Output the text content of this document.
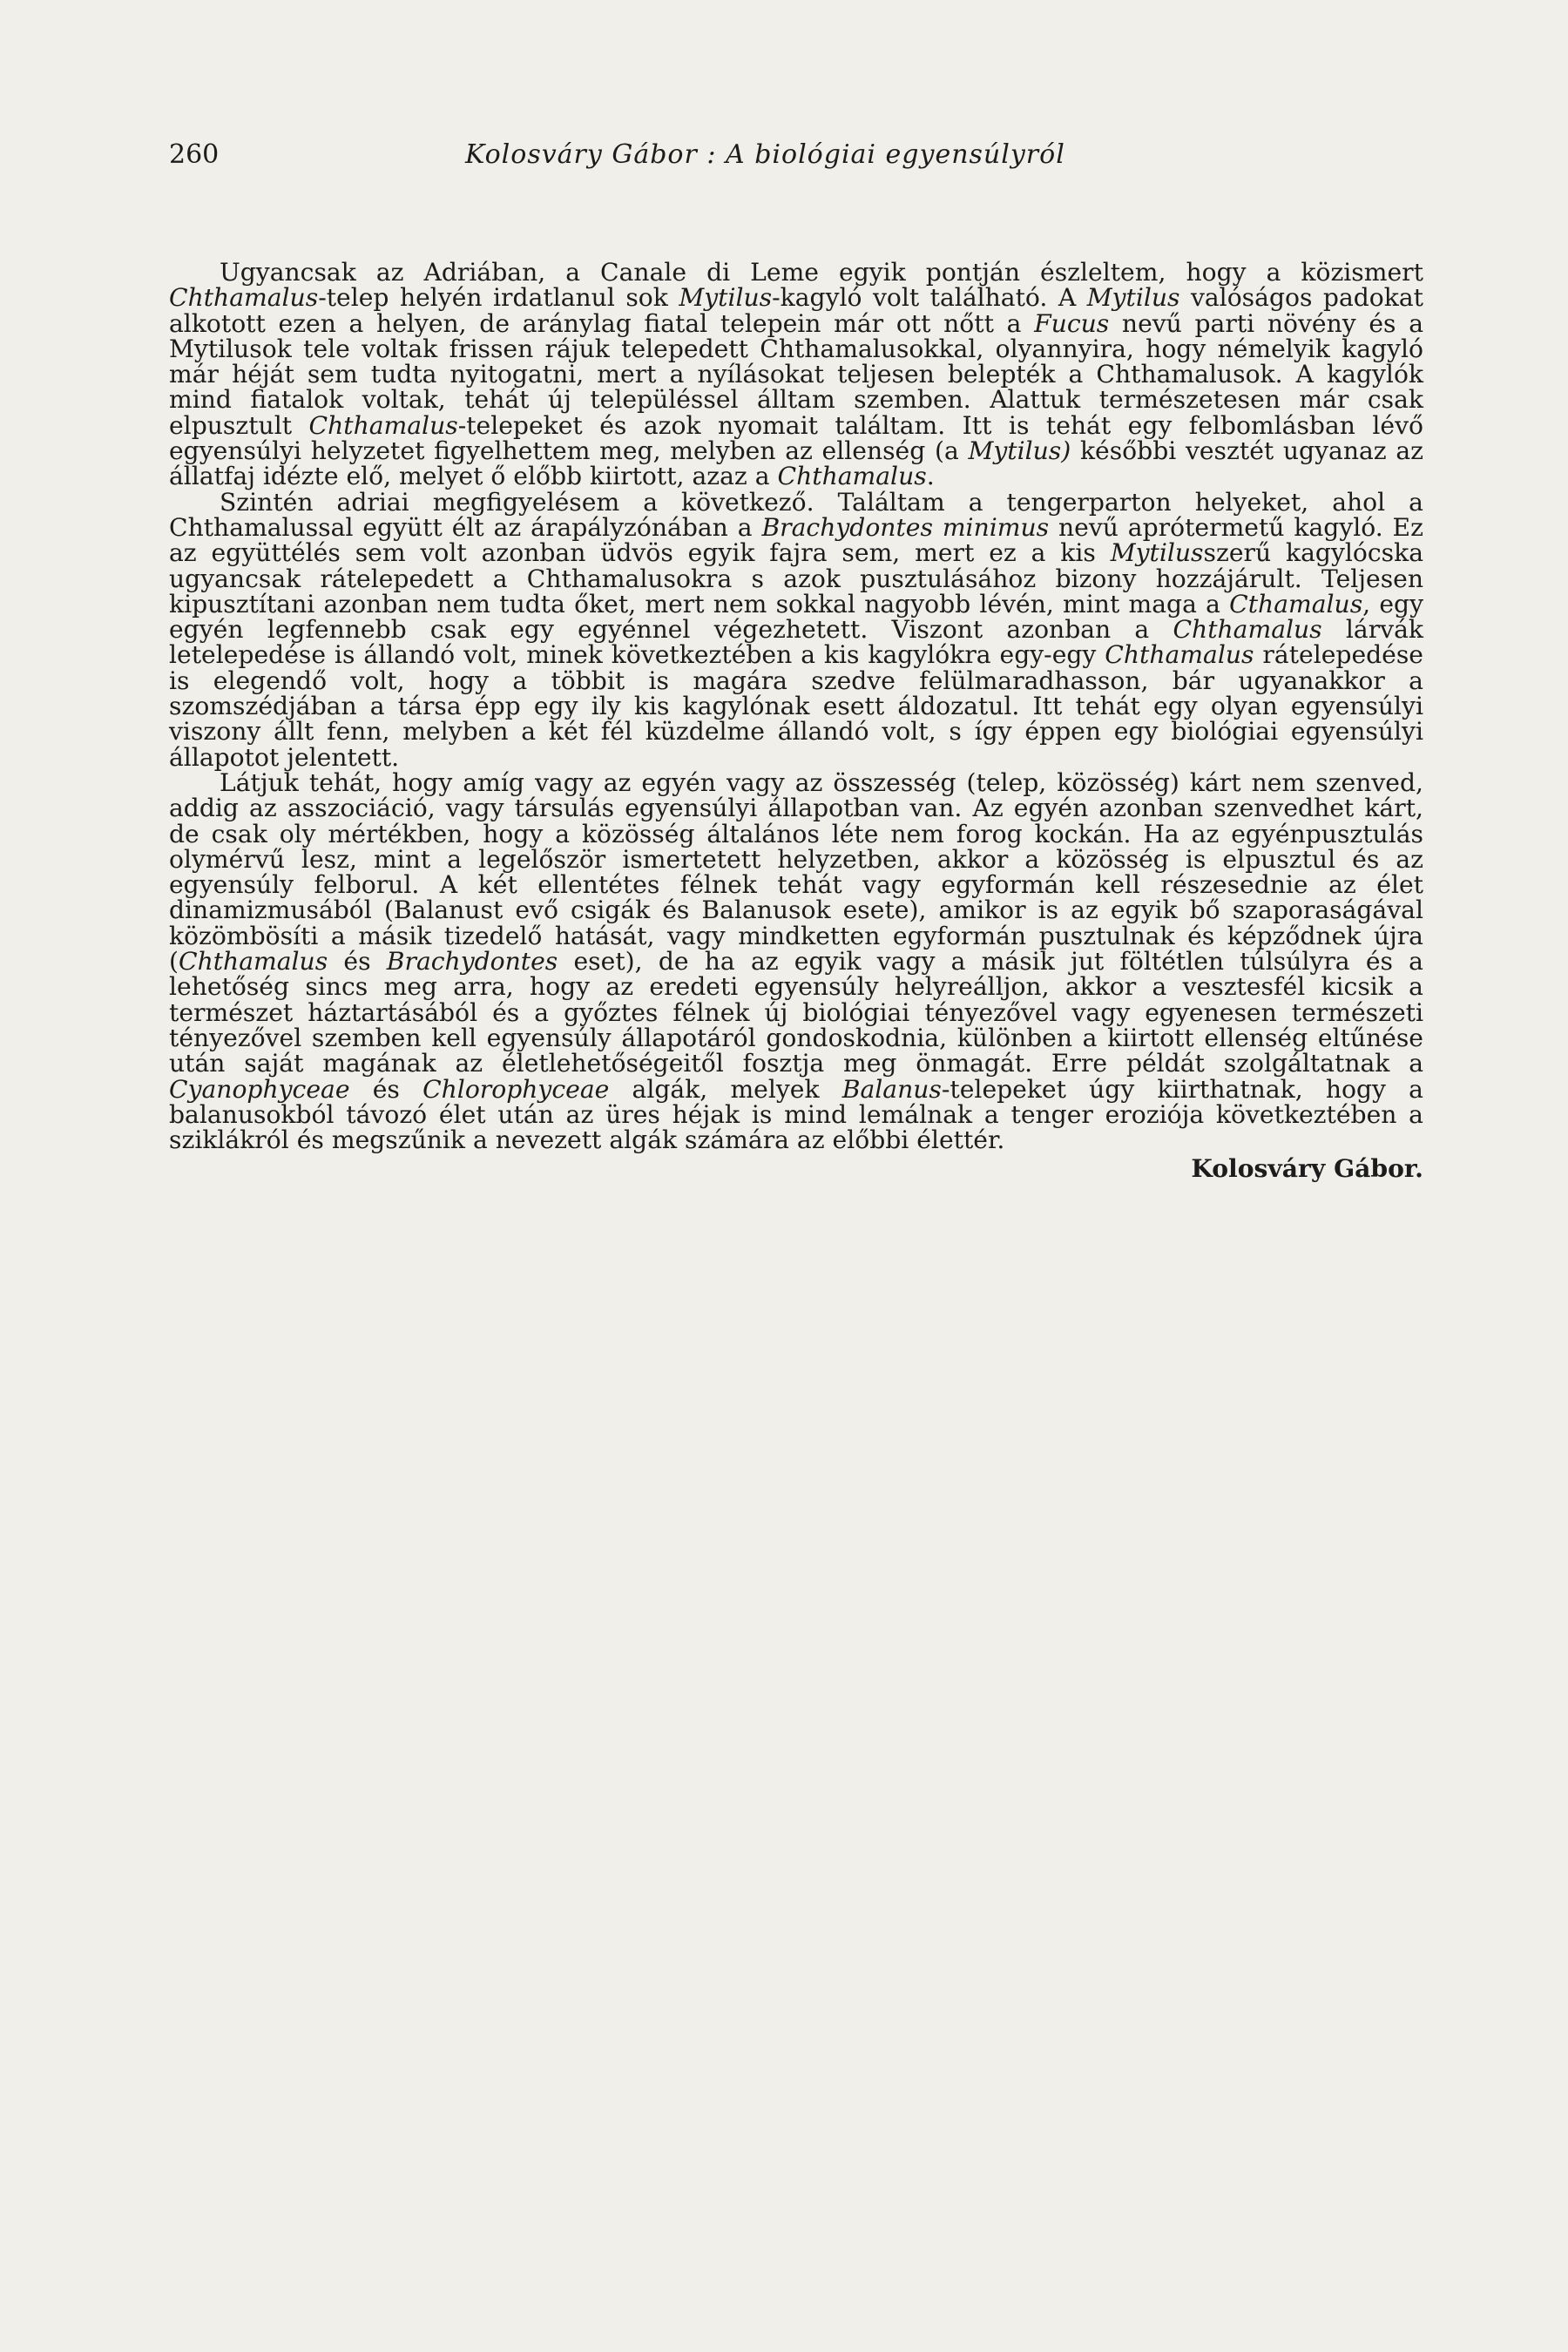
260	Kolosváry Gábor : A biológiai egyensúlyról

Ugyancsak az Adriában, a Canale di Leme egyik pontján észleltem, hogy a közismert Chthamalus-telep helyén irdatlanul sok Mytilus-kagyló volt található. A Mytilus valóságos padokat alkotott ezen a helyen, de aránylag fiatal telepein már ott nőtt a Fucus nevű parti növény és a Mytilusok tele voltak frissen rájuk telepedett Chthamalusokkal, olyannyira, hogy némelyik kagyló már héját sem tudta nyitogatni, mert a nyílásokat teljesen belepték a Chthamalusok. A kagylók mind fiatalok voltak, tehát új településsel álltam szemben. Alattuk természetesen már csak elpusztult Chthamalus-telepeket és azok nyomait találtam. Itt is tehát egy felbomlásban lévő egyensúlyi helyzetet figyelhettem meg, melyben az ellenség (a Mytilus) későbbi vesztét ugyanaz az állatfaj idézte elő, melyet ő előbb kiirtott, azaz a Chthamalus.

Szintén adriai megfigyelésem a következő. Találtam a tengerparton helyeket, ahol a Chthamalussal együtt élt az árapályzónában a Brachydontes minimus nevű aprótermetű kagyló. Ez az együttélés sem volt azonban üdvös egyik fajra sem, mert ez a kis Mytilusszerű kagylócska ugyancsak rátelepedett a Chthamalusokra s azok pusztulásához bizony hozzájárult. Teljesen kipusztítani azonban nem tudta őket, mert nem sokkal nagyobb lévén, mint maga a Cthamalus, egy egyén legfennebb csak egy egyénnel végezhetett. Viszont azonban a Chthamalus lárvák letelepedése is állandó volt, minek következtében a kis kagylókra egy-egy Chthamalus rátelepedése is elegendő volt, hogy a többit is magára szedve felülmaradhasson, bár ugyanakkor a szomszédjában a társa épp egy ily kis kagylónak esett áldozatul. Itt tehát egy olyan egyensúlyi viszony állt fenn, melyben a két fél küzdelme állandó volt, s így éppen egy biológiai egyensúlyi állapotot jelentett.

Látjuk tehát, hogy amíg vagy az egyén vagy az összesség (telep, közösség) kárt nem szenved, addig az asszociáció, vagy társulás egyensúlyi állapotban van. Az egyén azonban szenvedhet kárt, de csak oly mértékben, hogy a közösség általános léte nem forog kockán. Ha az egyénpusztulás olymérvű lesz, mint a legelőször ismertetett helyzetben, akkor a közösség is elpusztul és az egyensúly felborul. A két ellentétes félnek tehát vagy egyformán kell részesednie az élet dinamizmusából (Balanust evő csigák és Balanusok esete), amikor is az egyik bő szaporaságával közömbösíti a másik tizedelő hatását, vagy mindketten egyformán pusztulnak és képződnek újra (Chthamalus és Brachydontes eset), de ha az egyik vagy a másik jut föltétlen túlsúlyra és a lehetőség sincs meg arra, hogy az eredeti egyensúly helyreálljon, akkor a vesztesfél kicsik a természet háztartásából és a győztes félnek új biológiai tényezővel vagy egyenesen természeti tényezővel szemben kell egyensúly állapotáról gondoskodnia, különben a kiirtott ellenség eltűnése után saját magának az életlehetőségeitől fosztja meg önmagát. Erre példát szolgáltatnak a Cyanophyceae és Chlorophyceae algák, melyek Balanus-telepeket úgy kiirthatnak, hogy a balanusokból távozó élet után az üres héjak is mind lemálnak a tenger eroziója következtében a sziklákról és megszűnik a nevezett algák számára az előbbi élettér.

Kolosváry Gábor.
